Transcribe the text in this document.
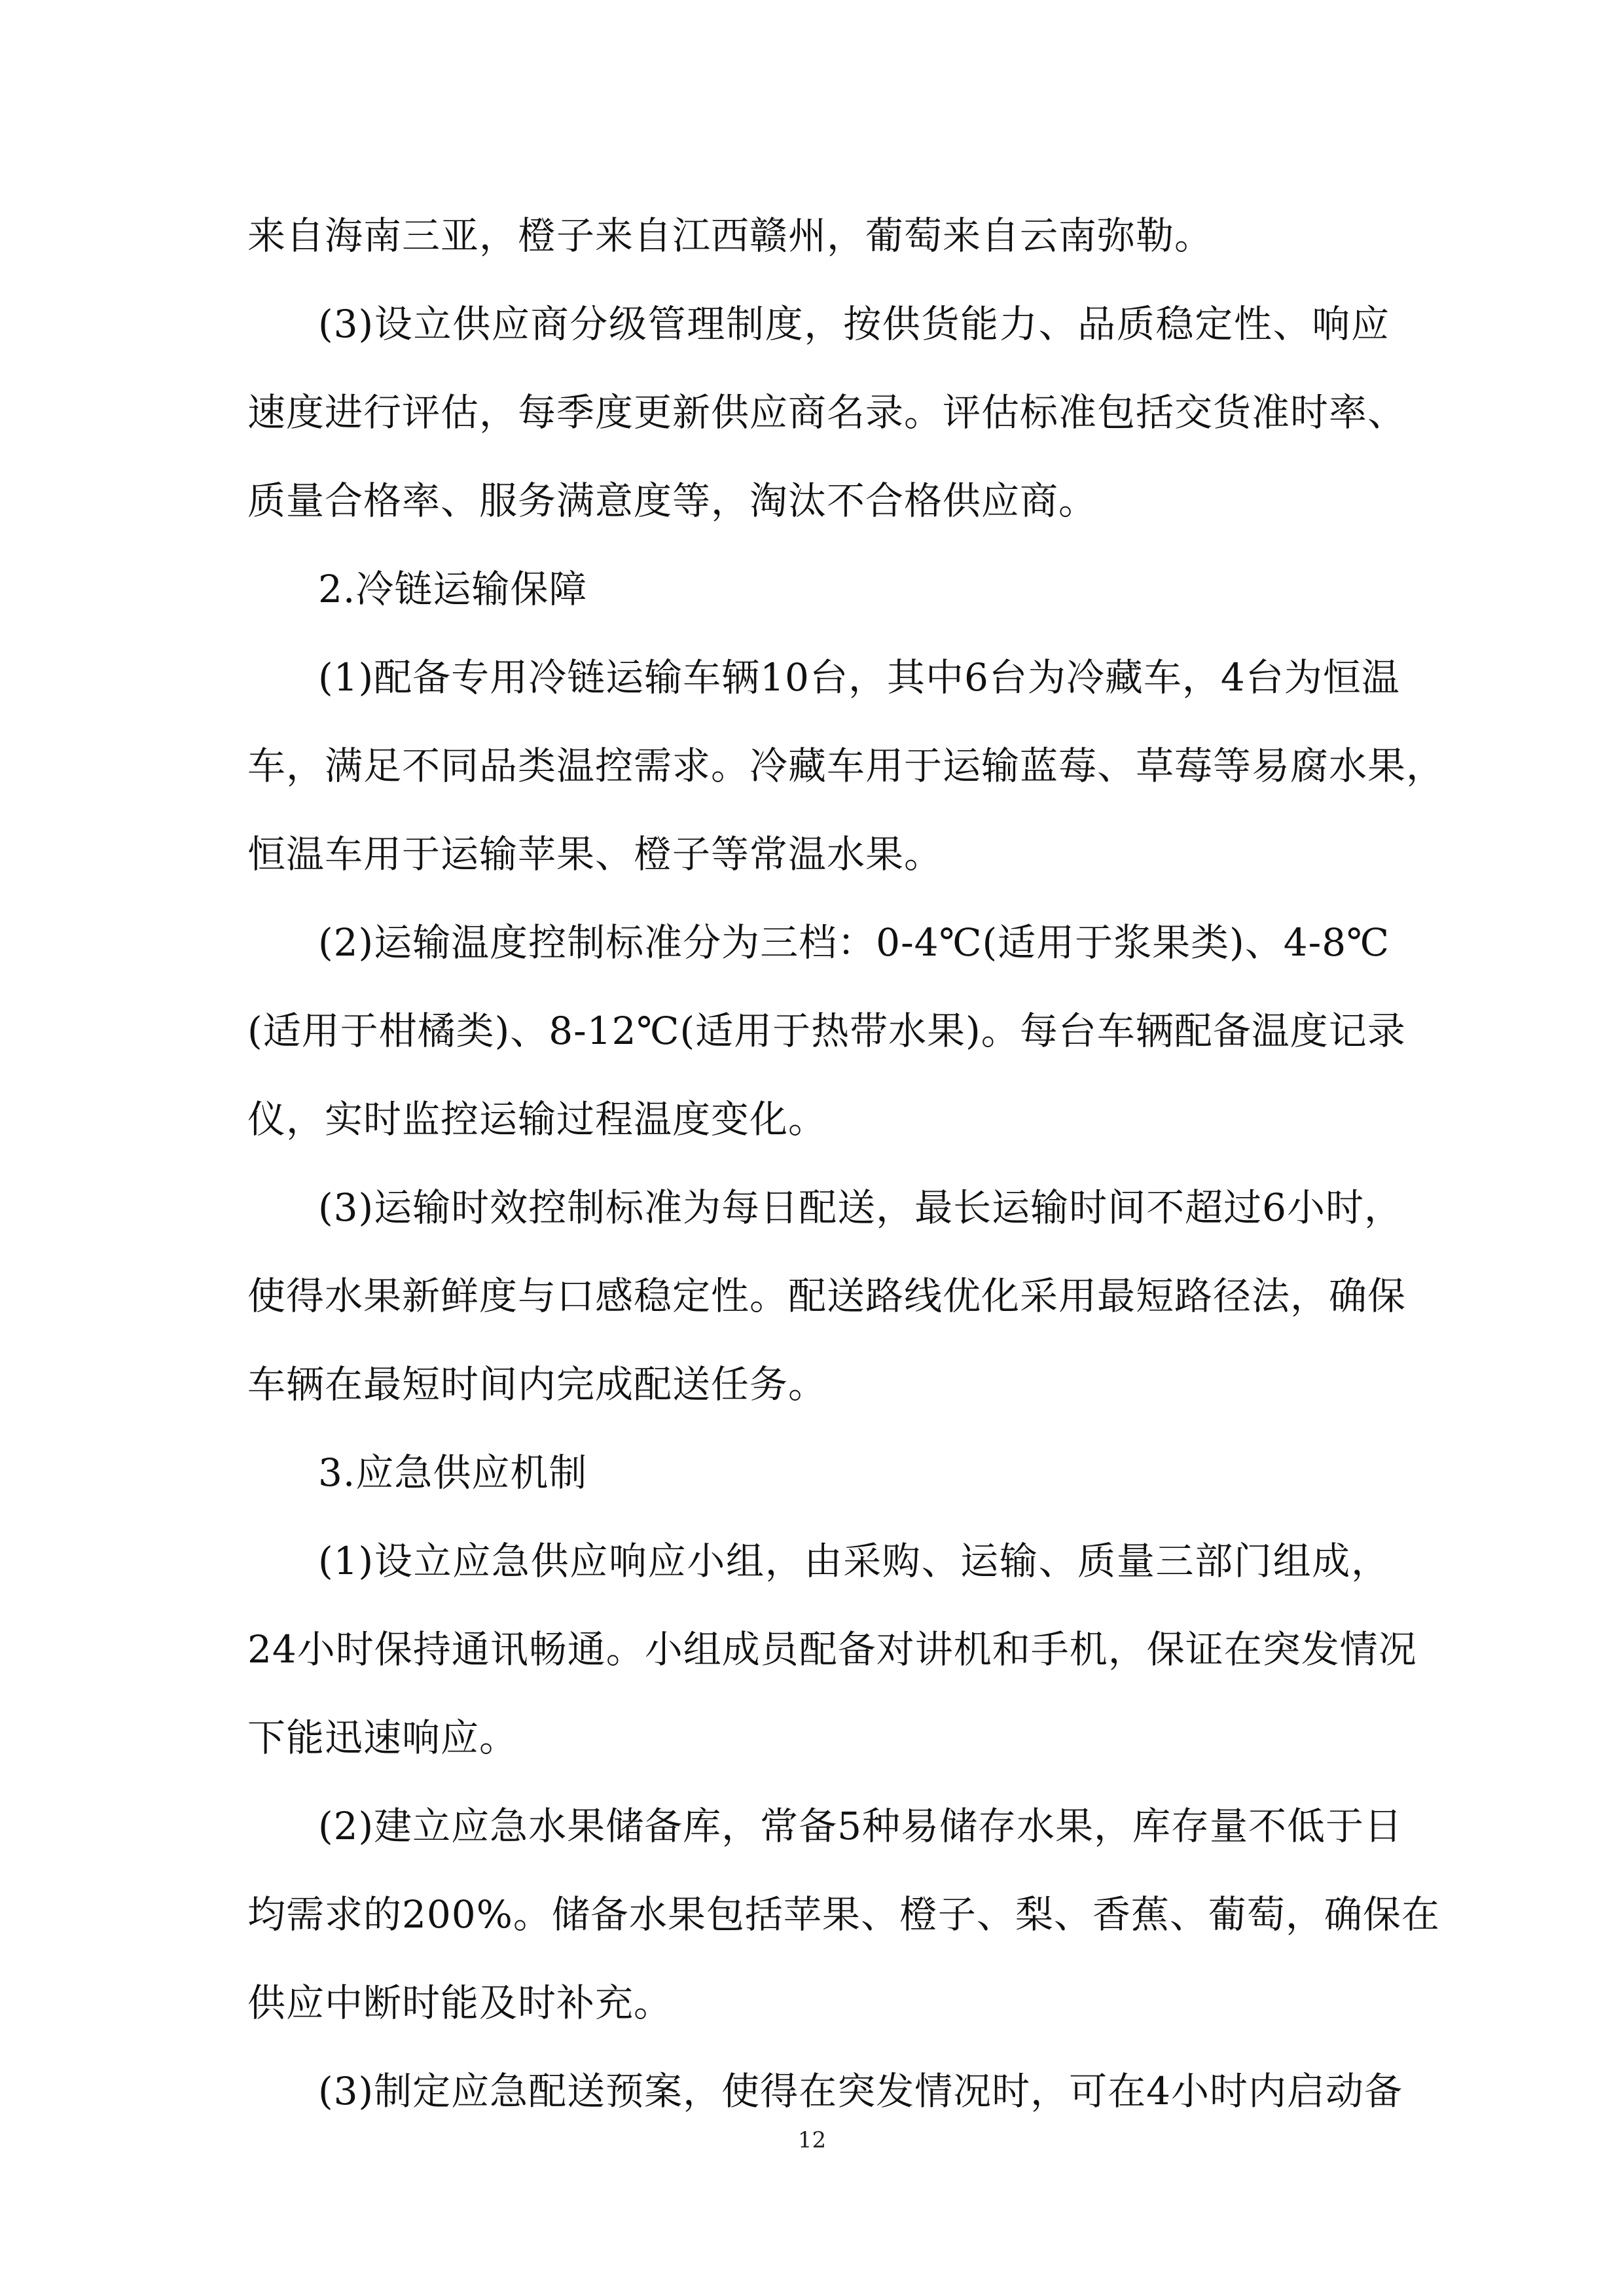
来自海南三亚，橙子来自江西赣州，葡萄来自云南弥勒。
(3)设立供应商分级管理制度，按供货能力、品质稳定性、响应
速度进行评估，每季度更新供应商名录。评估标准包括交货准时率、
质量合格率、服务满意度等，淘汰不合格供应商。
2.冷链运输保障
(1)配备专用冷链运输车辆10台，其中6台为冷藏车，4台为恒温
车，满足不同品类温控需求。冷藏车用于运输蓝莓、草莓等易腐水果，
恒温车用于运输苹果、橙子等常温水果。
(2)运输温度控制标准分为三档：0-4℃(适用于浆果类)、4-8℃
(适用于柑橘类)、8-12℃(适用于热带水果)。每台车辆配备温度记录
仪，实时监控运输过程温度变化。
(3)运输时效控制标准为每日配送，最长运输时间不超过6小时，
使得水果新鲜度与口感稳定性。配送路线优化采用最短路径法，确保
车辆在最短时间内完成配送任务。
3.应急供应机制
(1)设立应急供应响应小组，由采购、运输、质量三部门组成，
24小时保持通讯畅通。小组成员配备对讲机和手机，保证在突发情况
下能迅速响应。
(2)建立应急水果储备库，常备5种易储存水果，库存量不低于日
均需求的200%。储备水果包括苹果、橙子、梨、香蕉、葡萄，确保在
供应中断时能及时补充。
(3)制定应急配送预案，使得在突发情况时，可在4小时内启动备
12
